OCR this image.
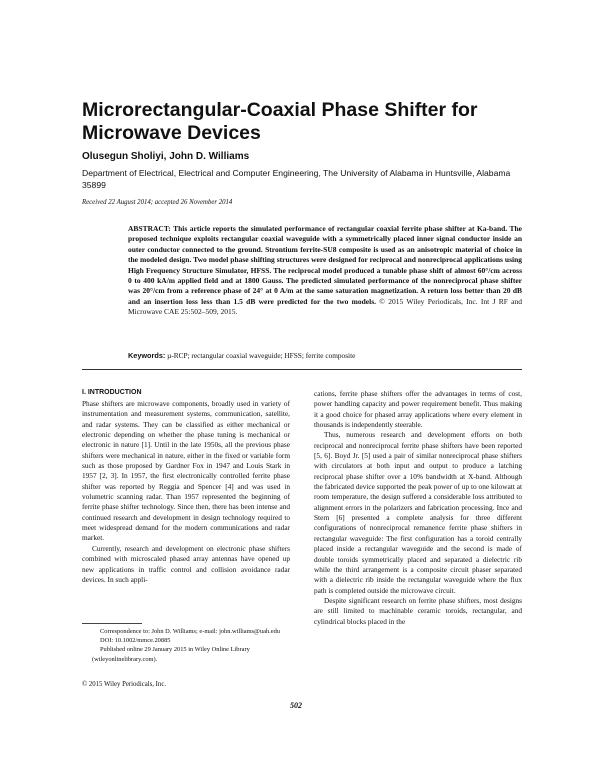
Microrectangular-Coaxial Phase Shifter for Microwave Devices
Olusegun Sholiyi, John D. Williams
Department of Electrical, Electrical and Computer Engineering, The University of Alabama in Huntsville, Alabama 35899
Received 22 August 2014; accepted 26 November 2014

ABSTRACT: This article reports the simulated performance of rectangular coaxial ferrite phase shifter at Ka-band. The proposed technique exploits rectangular coaxial waveguide with a symmetrically placed inner signal conductor inside an outer conductor connected to the ground. Strontium ferrite-SU8 composite is used as an anisotropic material of choice in the modeled design. Two model phase shifting structures were designed for reciprocal and nonreciprocal applications using High Frequency Structure Simulator, HFSS. The reciprocal model produced a tunable phase shift of almost 60°/cm across 0 to 400 kA/m applied field and at 1800 Gauss. The predicted simulated performance of the nonreciprocal phase shifter was 20°/cm from a reference phase of 24° at 0 A/m at the same saturation magnetization. A return loss better than 20 dB and an insertion loss less than 1.5 dB were predicted for the two models. © 2015 Wiley Periodicals, Inc. Int J RF and Microwave CAE 25:502–509, 2015.

Keywords: µ-RCP; rectangular coaxial waveguide; HFSS; ferrite composite
I. INTRODUCTION

Phase shifters are microwave components, broadly used in variety of instrumentation and measurement systems, communication, satellite, and radar systems. They can be classified as either mechanical or electronic depending on whether the phase tuning is mechanical or electronic in nature [1]. Until in the late 1950s, all the previous phase shifters were mechanical in nature, either in the fixed or variable form such as those proposed by Gardner Fox in 1947 and Louis Stark in 1957 [2, 3]. In 1957, the first electronically controlled ferrite phase shifter was reported by Reggia and Spencer [4] and was used in volumetric scanning radar. Than 1957 represented the beginning of ferrite phase shifter technology. Since then, there has been intense and continued research and development in design technology required to meet widespread demand for the modern communications and radar market.

Currently, research and development on electronic phase shifters combined with microscaled phased array antennas have opened up new applications in traffic control and collision avoidance radar devices. In such appli-

cations, ferrite phase shifters offer the advantages in terms of cost, power handling capacity and power requirement benefit. Thus making it a good choice for phased array applications where every element in thousands is independently steerable.

Thus, numerous research and development efforts on both reciprocal and nonreciprocal ferrite phase shifters have been reported [5, 6]. Boyd Jr. [5] used a pair of similar nonreciprocal phase shifters with circulators at both input and output to produce a latching reciprocal phase shifter over a 10% bandwidth at X-band. Although the fabricated device supported the peak power of up to one kilowatt at room temperature, the design suffered a considerable loss attributed to alignment errors in the polarizers and fabrication processing. Ince and Stern [6] presented a complete analysis for three different configurations of nonreciprocal remanence ferrite phase shifters in rectangular waveguide: The first configuration has a toroid centrally placed inside a rectangular waveguide and the second is made of double toroids symmetrically placed and separated a dielectric rib while the third arrangement is a composite circuit phaser separated with a dielectric rib inside the rectangular waveguide where the flux path is completed outside the microwave circuit.

Despite significant research on ferrite phase shifters, most designs are still limited to machinable ceramic toroids, rectangular, and cylindrical blocks placed in the

Correspondence to: John D. Williams; e-mail: john.williams@uah.edu

DOI: 10.1002/mmce.20885

Published online 29 January 2015 in Wiley Online Library (wileyonlinelibrary.com).

© 2015 Wiley Periodicals, Inc.
502
